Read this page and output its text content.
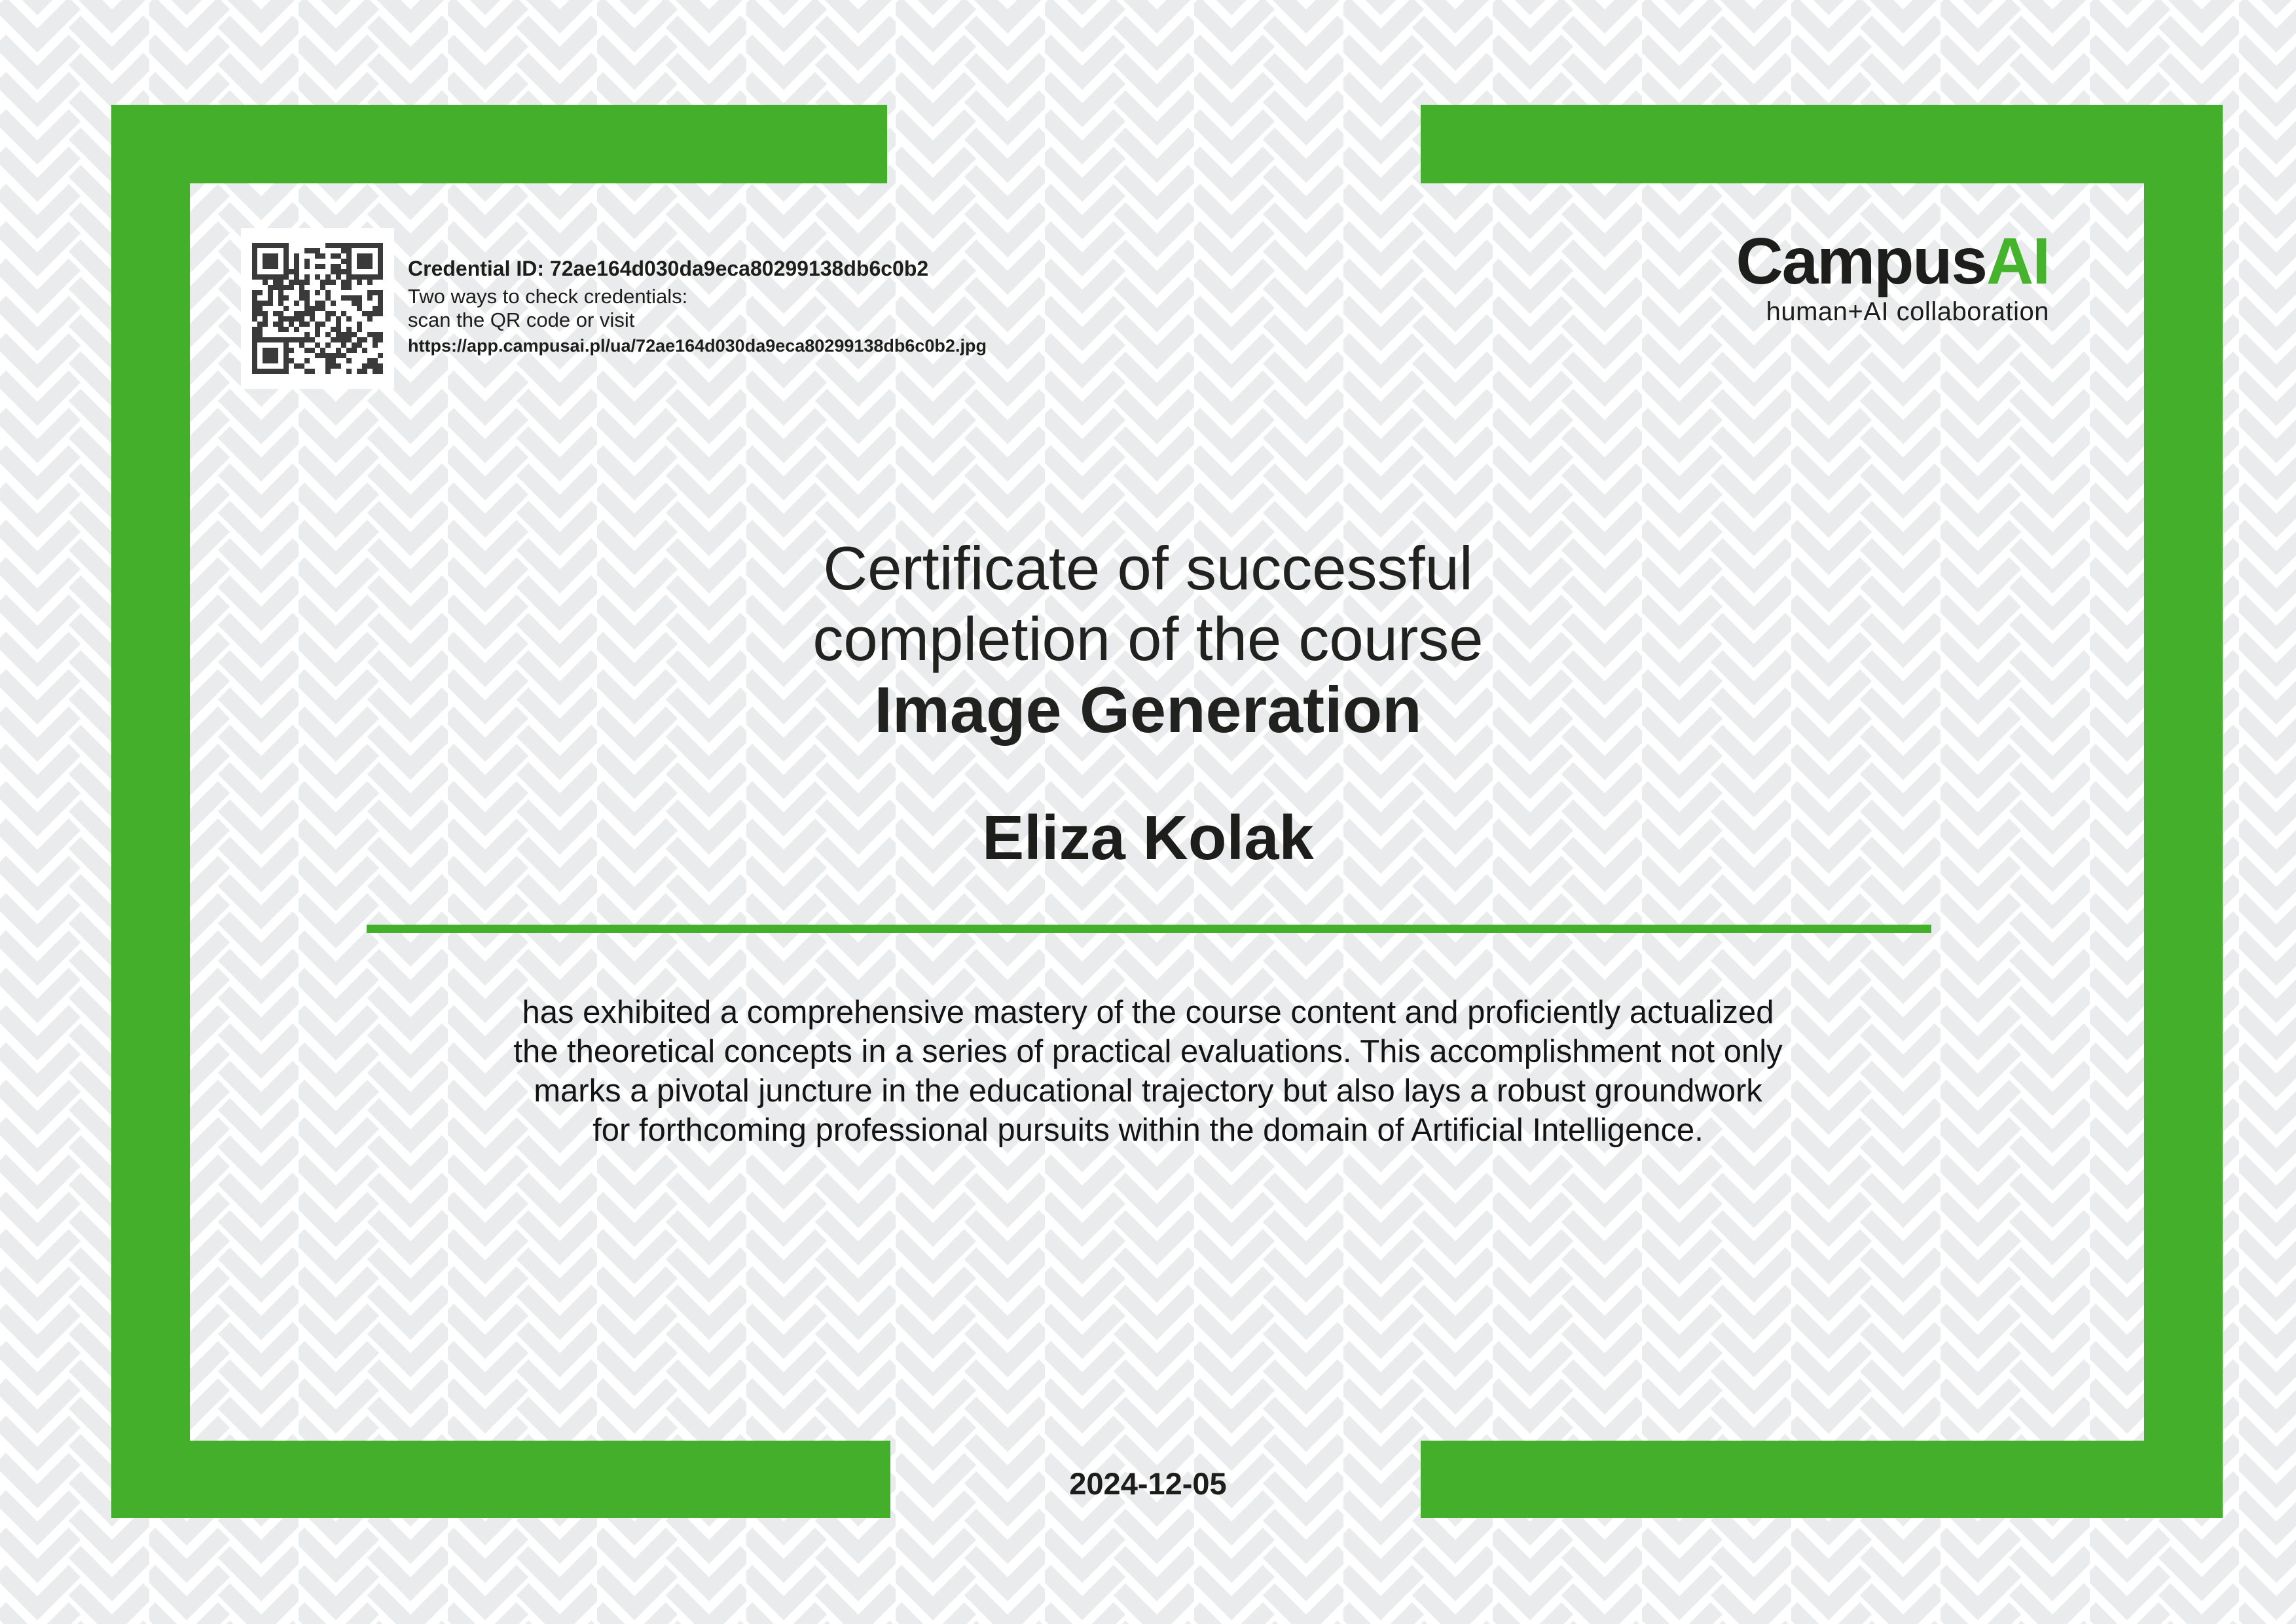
Credential ID: 72ae164d030da9eca80299138db6c0b2
Two ways to check credentials:
scan the QR code or visit
https://app.campusai.pl/ua/72ae164d030da9eca80299138db6c0b2.jpg
CampusAI
human+AI collaboration
Certificate of successful
completion of the course
Image Generation
Eliza Kolak
has exhibited a comprehensive mastery of the course content and proficiently actualized
the theoretical concepts in a series of practical evaluations. This accomplishment not only
marks a pivotal juncture in the educational trajectory but also lays a robust groundwork
for forthcoming professional pursuits within the domain of Artificial Intelligence.
2024-12-05
